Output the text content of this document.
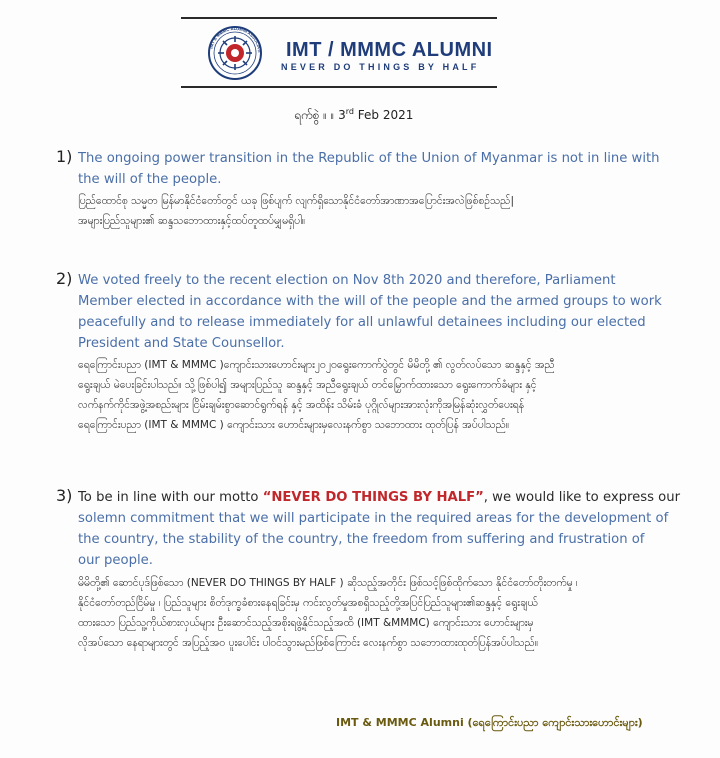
IMT & MMMC ALUMNI ASSOCIATI IMT / MMMC ALUMNI
NEVER DO THINGS BY HALF
ရက်စွဲ ။ ။ 3rd Feb 2021
1) The ongoing power transition in the Republic of the Union of Myanmar is not in line with
the will of the people.
ပြည်ထောင်စု သမ္မတ မြန်မာနိုင်ငံတော်တွင် ယခု ဖြစ်ပျက် လျက်ရှိသောနိုင်ငံတော်အာဏာအပြောင်းအလဲဖြစ်စဉ်သည်|
အများပြည်သူများ၏ ဆန္ဒသဘောထားနှင့်ထပ်တူထပ်မျှမရှိပါ။
2) We voted freely to the recent election on Nov 8th 2020 and therefore, Parliament
Member elected in accordance with the will of the people and the armed groups to work
peacefully and to release immediately for all unlawful detainees including our elected
President and State Counsellor.
ရေကြောင်းပညာ (IMT & MMMC )ကျောင်းသားဟောင်းများ၂၀၂၀ရွေးကောက်ပွဲတွင် မိမိတို့ ၏ လွတ်လပ်သော ဆန္ဒနှင့် အညီ
ရွေးချယ် မဲပေးခြင်းပါသည်။ သို့ဖြစ်ပါ၍ အများပြည်သူ ဆန္ဒနှင့် အညီရွေးချယ် တင်မြှောက်ထားသော ရွေးကောက်ခံများ နှင့်
လက်နက်ကိုင်အဖွဲ့အစည်းများ ငြိမ်းချမ်းစွာဆောင်ရွက်ရန် နှင့် အထိန်း သိမ်းခံ ပုဂ္ဂိုလ်များအားလုံးကိုအမြန်ဆုံးလွှတ်ပေးရန်
ရေကြောင်းပညာ (IMT & MMMC ) ကျောင်းသား ဟောင်းများမှလေးနက်စွာ သဘောထား ထုတ်ပြန် အပ်ပါသည်။
3) To be in line with our motto “NEVER DO THINGS BY HALF”, we would like to express our
solemn commitment that we will participate in the required areas for the development of
the country, the stability of the country, the freedom from suffering and frustration of
our people.
မိမိတို့၏ ဆောင်ပုဒ်ဖြစ်သော (NEVER DO THINGS BY HALF ) ဆိုသည့်အတိုင်း ဖြစ်သင့်ဖြစ်ထိုက်သော နိုင်ငံတော်တိုးတက်မှု ၊
နိုင်ငံတော်တည်ငြိမ်မှု ၊ ပြည်သူများ စိတ်ဒုက္ခခံစားနေရခြင်းမှ ကင်းလွတ်မှုအစရှိသည့်တို့အပြင်ပြည်သူများ၏ဆန္ဒနှင့် ရွေးချယ်
ထားသော ပြည်သူ့ကိုယ်စားလှယ်များ ဦးဆောင်သည့်အစိုးရဖွဲ့နိုင်သည့်အထိ (IMT &MMMC) ကျောင်းသား ဟောင်းများမှ
လိုအပ်သော နေရာများတွင် အပြည့်အဝ ပူးပေါင်း ပါဝင်သွားမည်ဖြစ်ကြောင်း လေးနက်စွာ သဘောထားထုတ်ပြန်အပ်ပါသည်။
IMT & MMMC Alumni (ရေကြောင်းပညာ ကျောင်းသားဟောင်းများ)
